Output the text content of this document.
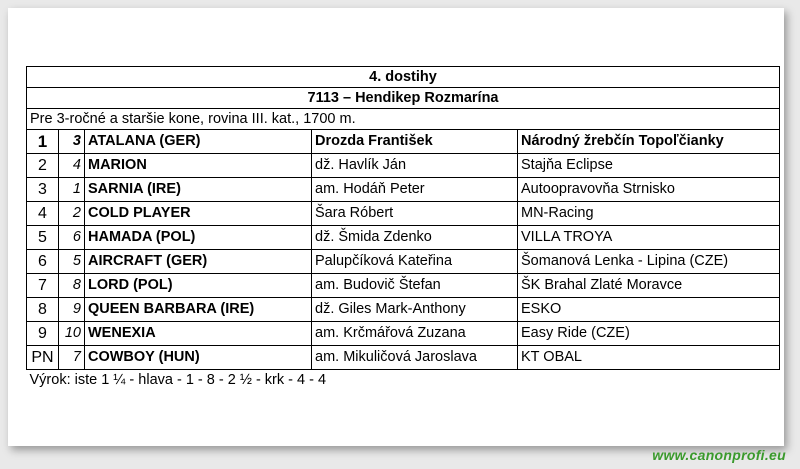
4. dostihy				
7113 – Hendikep Rozmarína				
Pre 3-ročné a staršie kone, rovina III. kat., 1700 m.				
1	3	ATALANA (GER)	Drozda František	Národný žrebčín Topoľčianky
2	4	MARION	dž. Havlík Ján	Stajňa Eclipse
3	1	SARNIA (IRE)	am. Hodáň Peter	Autoopravovňa Strnisko
4	2	COLD PLAYER	Šara Róbert	MN-Racing
5	6	HAMADA (POL)	dž. Šmida Zdenko	VILLA TROYA
6	5	AIRCRAFT (GER)	Palupčíková Kateřina	Šomanová Lenka - Lipina (CZE)
7	8	LORD (POL)	am. Budovič Štefan	ŠK Brahal Zlaté Moravce
8	9	QUEEN BARBARA (IRE)	dž. Giles Mark-Anthony	ESKO
9	10	WENEXIA	am. Krčmářová Zuzana	Easy Ride (CZE)
PN	7	COWBOY (HUN)	am. Mikuličová Jaroslava	KT OBAL
Výrok: iste 1 ¼ - hlava - 1 - 8 - 2 ½ - krk - 4 - 4				
www.canonprofi.eu
